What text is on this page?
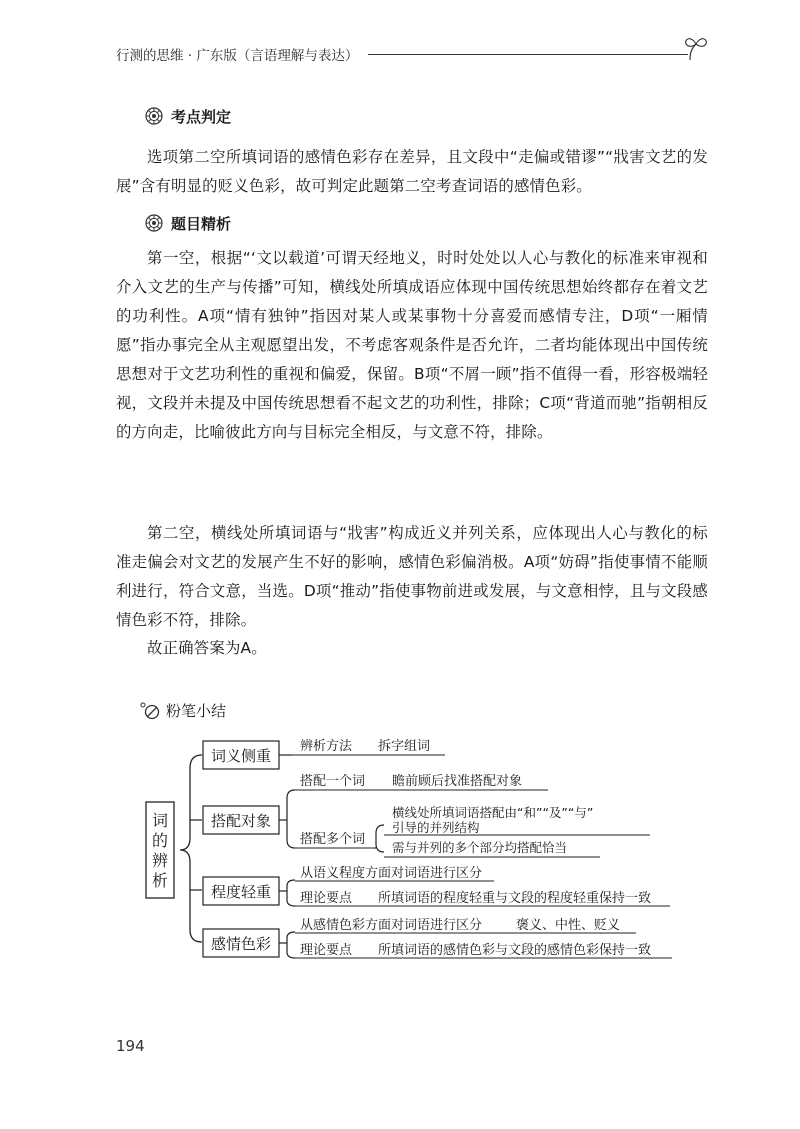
行测的思维 · 广东版（言语理解与表达）
考点判定
选项第二空所填词语的感情色彩存在差异，且文段中“走偏或错谬”“戕害文艺的发展”含有明显的贬义色彩，故可判定此题第二空考查词语的感情色彩。
题目精析
第一空，根据“‘文以载道’可谓天经地义，时时处处以人心与教化的标准来审视和介入文艺的生产与传播”可知，横线处所填成语应体现中国传统思想始终都存在着文艺的功利性。A项“情有独钟”指因对某人或某事物十分喜爱而感情专注，D项“一厢情愿”指办事完全从主观愿望出发，不考虑客观条件是否允许，二者均能体现出中国传统思想对于文艺功利性的重视和偏爱，保留。B项“不屑一顾”指不值得一看，形容极端轻视，文段并未提及中国传统思想看不起文艺的功利性，排除；C项“背道而驰”指朝相反的方向走，比喻彼此方向与目标完全相反，与文意不符，排除。
第二空，横线处所填词语与“戕害”构成近义并列关系，应体现出人心与教化的标准走偏会对文艺的发展产生不好的影响，感情色彩偏消极。A项“妨碍”指使事情不能顺利进行，符合文意，当选。D项“推动”指使事物前进或发展，与文意相悖，且与文段感情色彩不符，排除。
故正确答案为A。
粉笔小结
词
的
辨
析
词义侧重
辨析方法 拆字组词
搭配对象
搭配一个词 瞻前顾后找准搭配对象
搭配多个词
横线处所填词语搭配由“和”“及”“与”
引导的并列结构
需与并列的多个部分均搭配恰当
程度轻重
从语义程度方面对词语进行区分
理论要点 所填词语的程度轻重与文段的程度轻重保持一致
感情色彩
从感情色彩方面对词语进行区分	褒义、中性、贬义
理论要点 所填词语的感情色彩与文段的感情色彩保持一致
194
